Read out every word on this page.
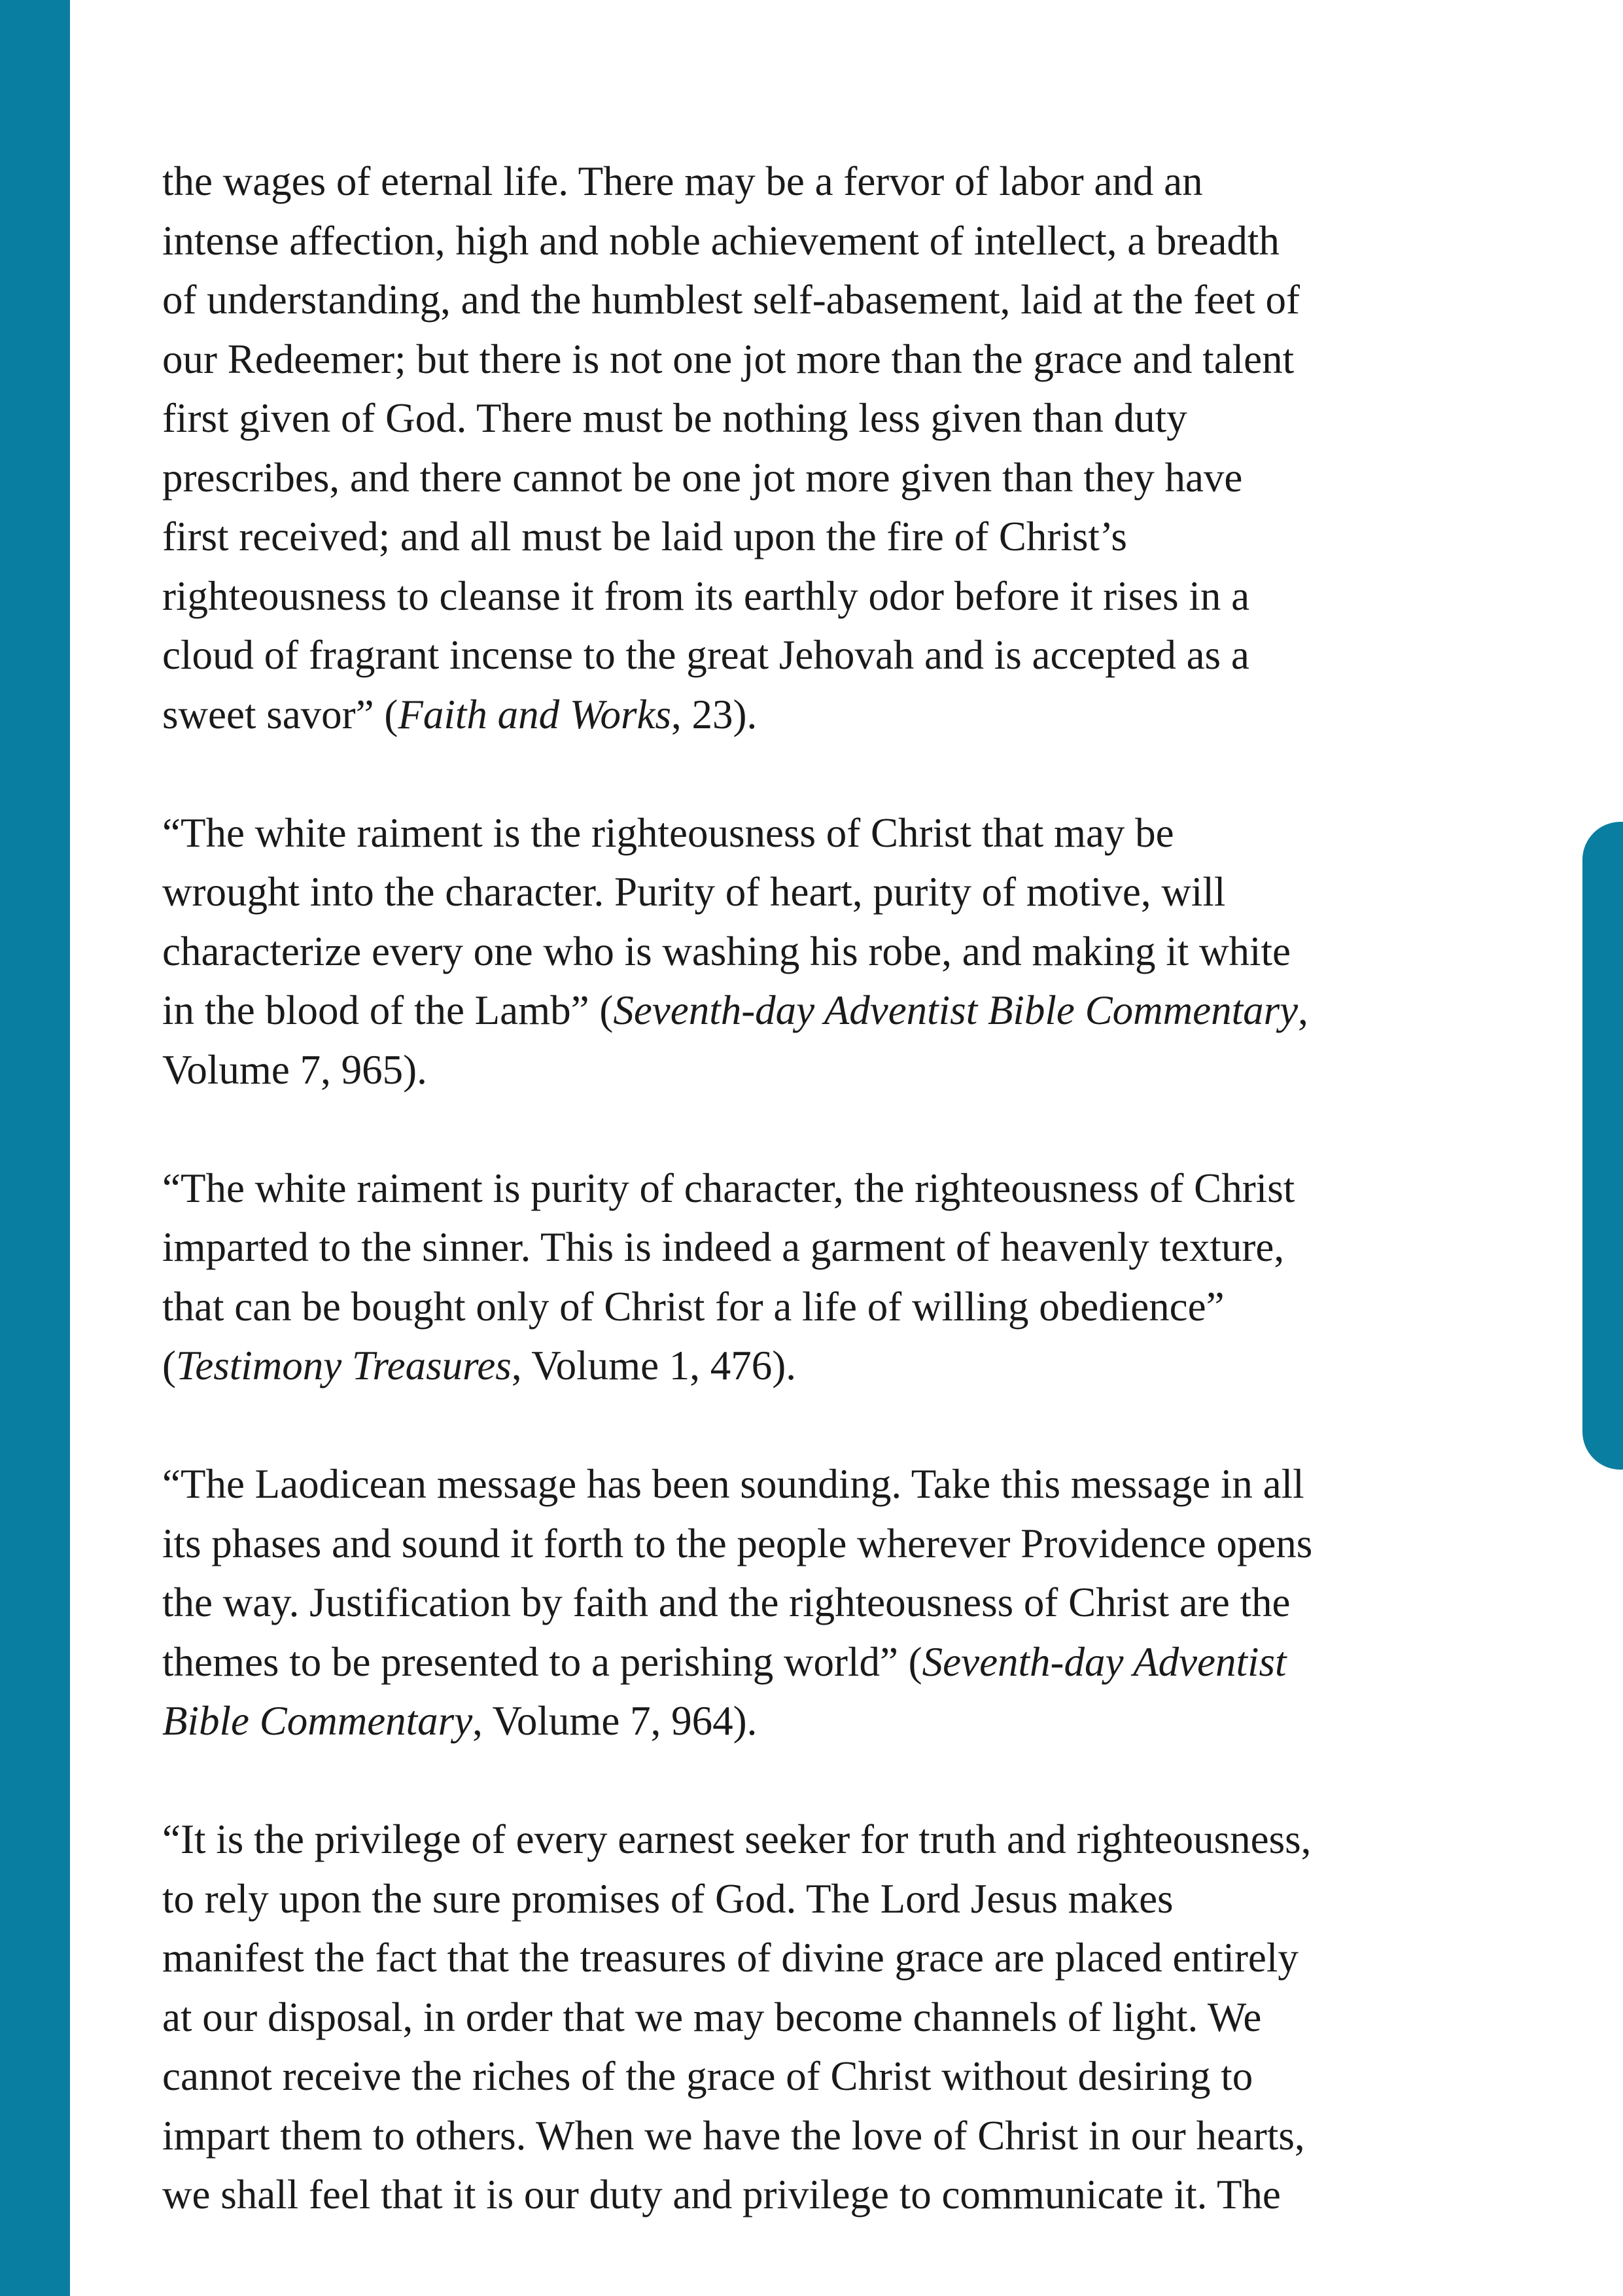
the wages of eternal life. There may be a fervor of labor and an
intense affection, high and noble achievement of intellect, a breadth
of understanding, and the humblest self-abasement, laid at the feet of
our Redeemer; but there is not one jot more than the grace and talent
first given of God. There must be nothing less given than duty
prescribes, and there cannot be one jot more given than they have
first received; and all must be laid upon the fire of Christ’s
righteousness to cleanse it from its earthly odor before it rises in a
cloud of fragrant incense to the great Jehovah and is accepted as a
sweet savor” (Faith and Works, 23).

“The white raiment is the righteousness of Christ that may be
wrought into the character. Purity of heart, purity of motive, will
characterize every one who is washing his robe, and making it white
in the blood of the Lamb” (Seventh-day Adventist Bible Commentary,
Volume 7, 965).

“The white raiment is purity of character, the righteousness of Christ
imparted to the sinner. This is indeed a garment of heavenly texture,
that can be bought only of Christ for a life of willing obedience”
(Testimony Treasures, Volume 1, 476).

“The Laodicean message has been sounding. Take this message in all
its phases and sound it forth to the people wherever Providence opens
the way. Justification by faith and the righteousness of Christ are the
themes to be presented to a perishing world” (Seventh-day Adventist
Bible Commentary, Volume 7, 964).

“It is the privilege of every earnest seeker for truth and righteousness,
to rely upon the sure promises of God. The Lord Jesus makes
manifest the fact that the treasures of divine grace are placed entirely
at our disposal, in order that we may become channels of light. We
cannot receive the riches of the grace of Christ without desiring to
impart them to others. When we have the love of Christ in our hearts,
we shall feel that it is our duty and privilege to communicate it. The
